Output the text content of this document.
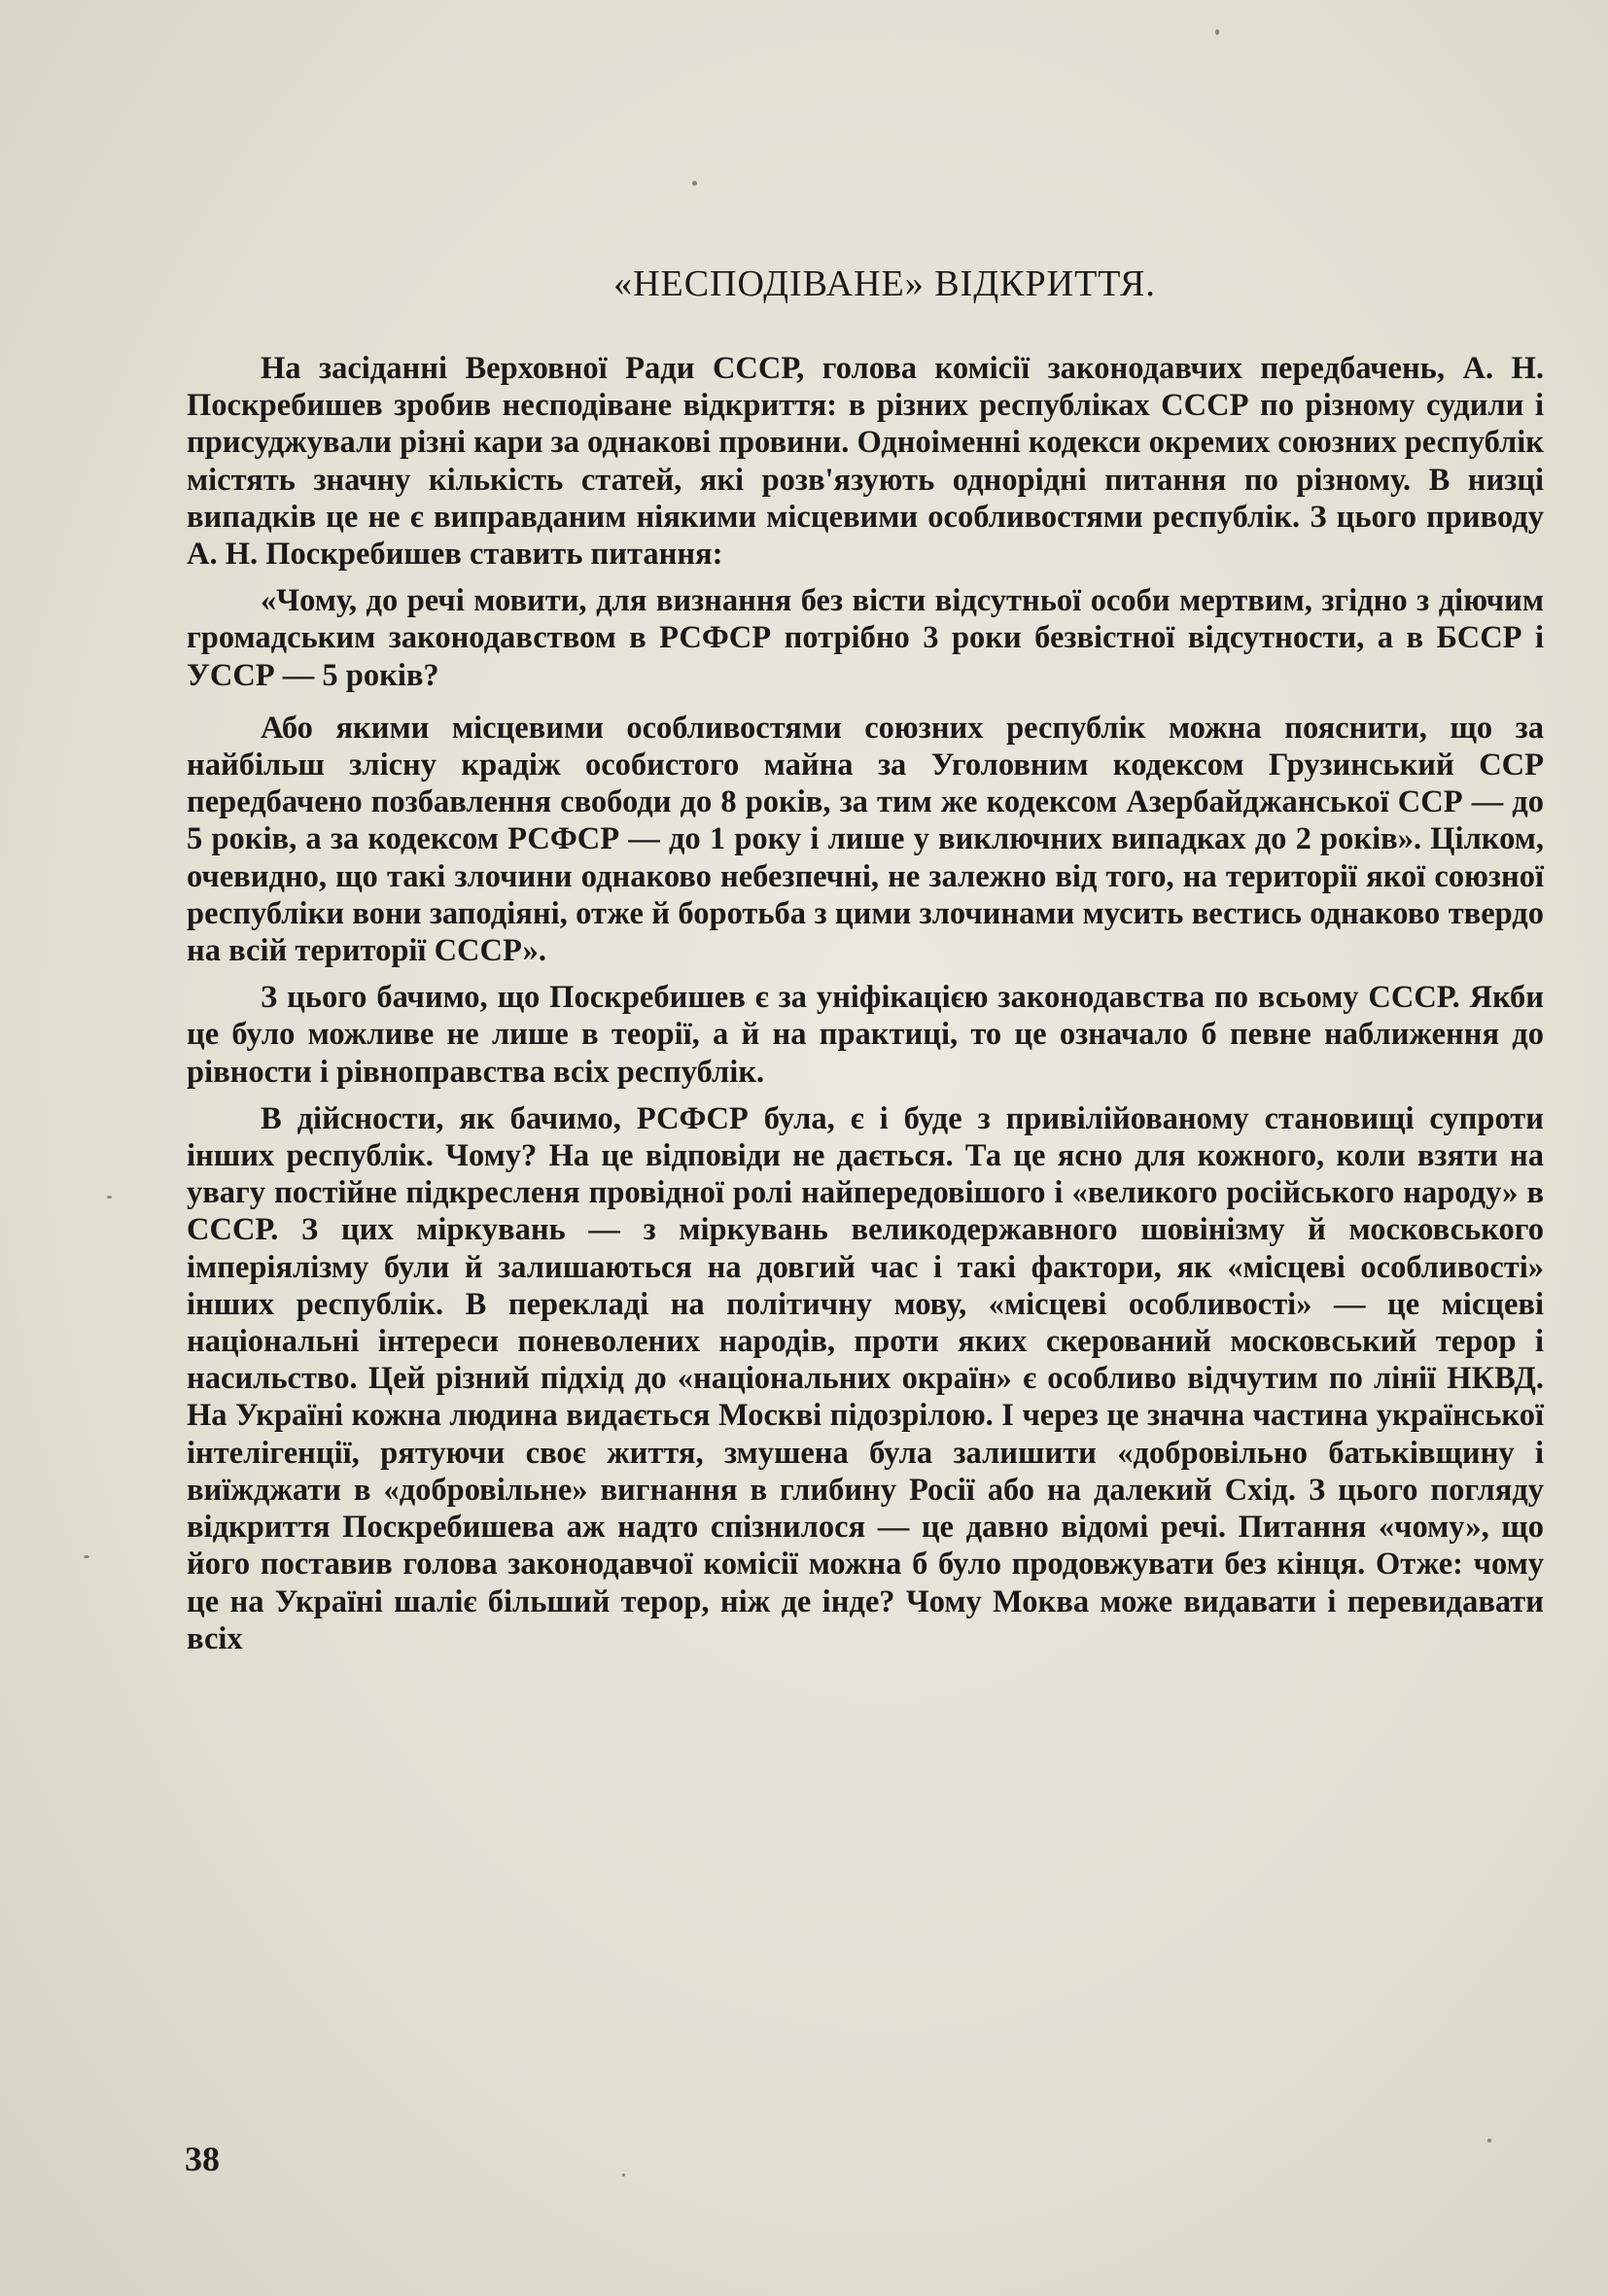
«НЕСПОДІВАНЕ» ВІДКРИТТЯ.

На засіданні Верховної Ради СССР, голова комісії законодавчих передбачень, А. Н. Поскребишев зробив несподіване відкриття: в різних республіках СССР по різному судили і присуджували різні кари за однакові провини. Одноіменні кодекси окремих союзних республік містять значну кількість статей, які розв'язують однорідні питання по різному. В низці випадків це не є виправданим ніякими місцевими особливостями республік. З цього приводу А. Н. Поскребишев ставить питання:

«Чому, до речі мовити, для визнання без вісти відсутньої особи мертвим, згідно з діючим громадським законодавством в РСФСР потрібно 3 роки безвістної відсутности, а в БССР і УССР — 5 років?

Або якими місцевими особливостями союзних республік можна пояснити, що за найбільш злісну крадіж особистого майна за Уголовним кодексом Грузинський ССР передбачено позбавлення свободи до 8 років, за тим же кодексом Азербайджанської ССР — до 5 років, а за кодексом РСФСР — до 1 року і лише у виключних випадках до 2 років». Цілком, очевидно, що такі злочини однаково небезпечні, не залежно від того, на території якої союзної республіки вони заподіяні, отже й боротьба з цими злочинами мусить вестись однаково твердо на всій території СССР».

З цього бачимо, що Поскребишев є за уніфікацією законодавства по всьому СССР. Якби це було можливе не лише в теорії, а й на практиці, то це означало б певне наближення до рівности і рівноправства всіх республік.

В дійсности, як бачимо, РСФСР була, є і буде з привілійованому становищі супроти інших республік. Чому? На це відповіди не дається. Та це ясно для кожного, коли взяти на увагу постійне підкресленя провідної ролі найпередовішого і «великого російського народу» в СССР. З цих міркувань — з міркувань великодержавного шовінізму й московського імперіялізму були й залишаються на довгий час і такі фактори, як «місцеві особливості» інших республік. В перекладі на політичну мову, «місцеві особливості» — це місцеві національні інтереси поневолених народів, проти яких скерований московський терор і насильство. Цей різний підхід до «національних окраїн» є особливо відчутим по лінії НКВД. На Україні кожна людина видається Москві підозрілою. І через це значна частина української інтелігенції, рятуючи своє життя, змушена була залишити «добровільно батьківщину і виїжджати в «добровільне» вигнання в глибину Росії або на далекий Схід. З цього погляду відкриття Поскребишева аж надто спізнилося — це давно відомі речі. Питання «чому», що його поставив голова законодавчої комісії можна б було продовжувати без кінця. Отже: чому це на Україні шаліє більший терор, ніж де інде? Чому Моква може видавати і перевидавати всіх

38
